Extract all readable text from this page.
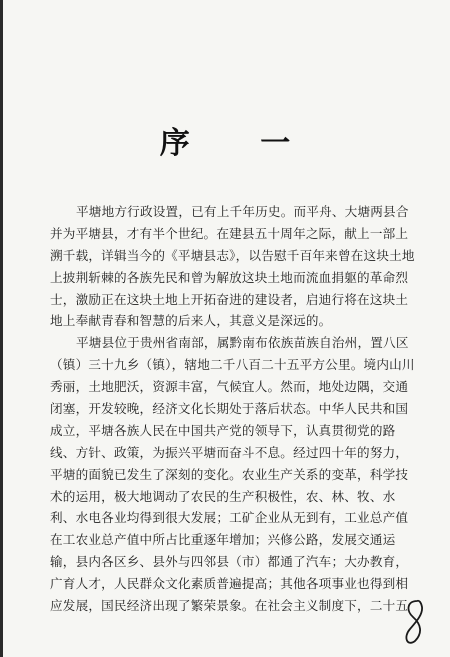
序 一
平塘地方行政设置，已有上千年历史。而平舟、大塘两县合
并为平塘县，才有半个世纪。在建县五十周年之际，献上一部上
溯千载，详辑当今的《平塘县志》，以告慰千百年来曾在这块土地
上披荆斩棘的各族先民和曾为解放这块土地而流血捐躯的革命烈
士，激励正在这块土地上开拓奋进的建设者，启迪行将在这块土
地上奉献青春和智慧的后来人，其意义是深远的。
平塘县位于贵州省南部，属黔南布依族苗族自治州，置八区
（镇）三十九乡（镇），辖地二千八百二十五平方公里。境内山川
秀丽，土地肥沃，资源丰富，气候宜人。然而，地处边隅，交通
闭塞，开发较晚，经济文化长期处于落后状态。中华人民共和国
成立，平塘各族人民在中国共产党的领导下，认真贯彻党的路
线、方针、政策，为振兴平塘而奋斗不息。经过四十年的努力，
平塘的面貌已发生了深刻的变化。农业生产关系的变革，科学技
术的运用，极大地调动了农民的生产积极性，农、林、牧、水
利、水电各业均得到很大发展；工矿企业从无到有，工业总产值
在工农业总产值中所占比重逐年增加；兴修公路，发展交通运
输，县内各区乡、县外与四邻县（市）都通了汽车；大办教育，
广育人才，人民群众文化素质普遍提高；其他各项事业也得到相
应发展，国民经济出现了繁荣景象。在社会主义制度下，二十五
